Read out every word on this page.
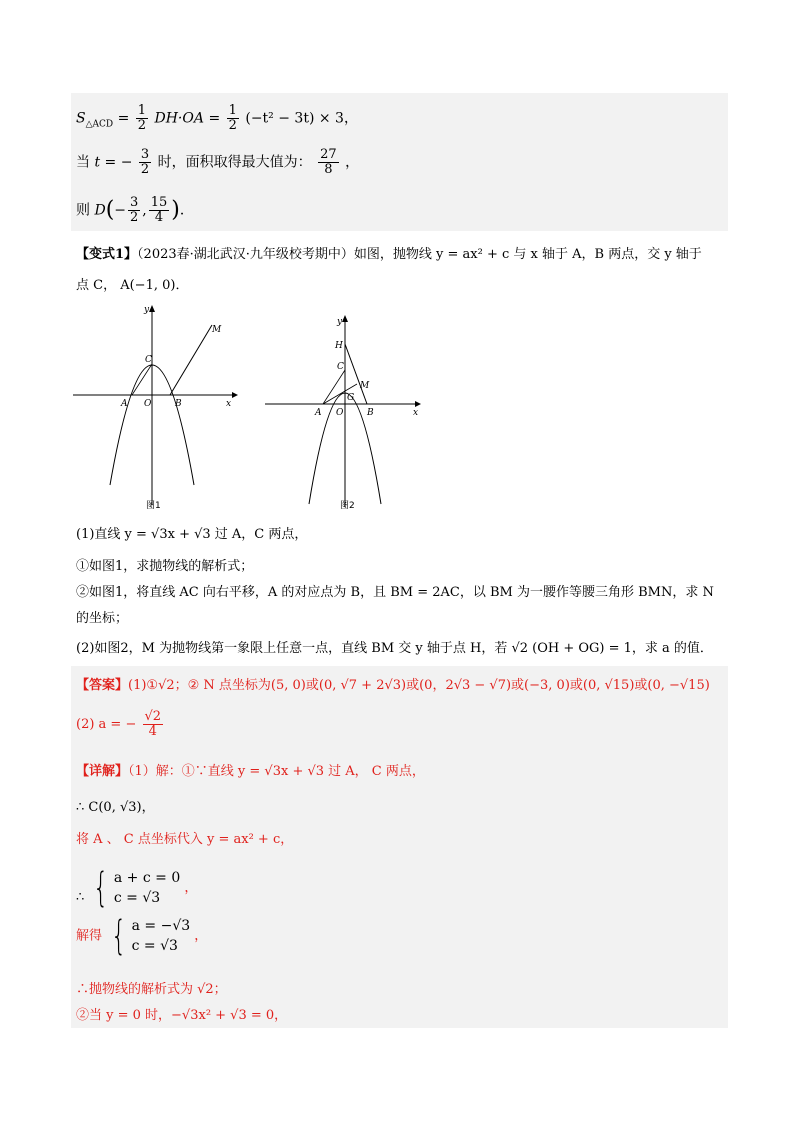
$S_{\triangle ACD} = \frac{1}{2} DH\cdot OA = \frac{1}{2} (-t^2 - 3t) \times 3$，
当 t = − $\frac{3}{2}$ 时，面积取得最大值为： $\frac{27}{8}$ ，
则 $D(- \frac{3}{2}$ , $\frac{15}{4}$ )．
【变式1】（2023春·湖北武汉·九年级校考期中）如图，抛物线 y = ax² + c 与 x 轴于 A，B 两点，交 y 轴于
点 C， A(−1, 0)．
y
M
C
A O	B	x
图1
y
H
C
M
G
A O	B	x
图2
(1)直线 y = √3x + √3 过 A，C 两点，
①如图1，求抛物线的解析式；
②如图1，将直线 AC 向右平移，A 的对应点为 B，且 BM = 2AC，以 BM 为一腰作等腰三角形 BMN，求 N
的坐标；
(2)如图2，M 为抛物线第一象限上任意一点，直线 BM 交 y 轴于点 H，若 √2 (OH + OG) = 1，求 a 的值．
【答案】(1)①√2；② N 点坐标为(5, 0)或(0, √7 + 2√3)或(0，2√3 − √7)或(−3, 0)或(0, √15)或(0, −√15)
(2) a = − $\frac{√2}{4}$
【详解】（1）解：①∵直线 y = √3x + √3 过 A， C 两点，
∴ C(0, √3)，
将 A 、 C 点坐标代入 y = ax² + c，
∴ { a + c = 0
c = √3
，
解得 { a = −√3
c = √3
，
∴抛物线的解析式为 √2；
②当 y = 0 时，−√3x² + √3 = 0，
